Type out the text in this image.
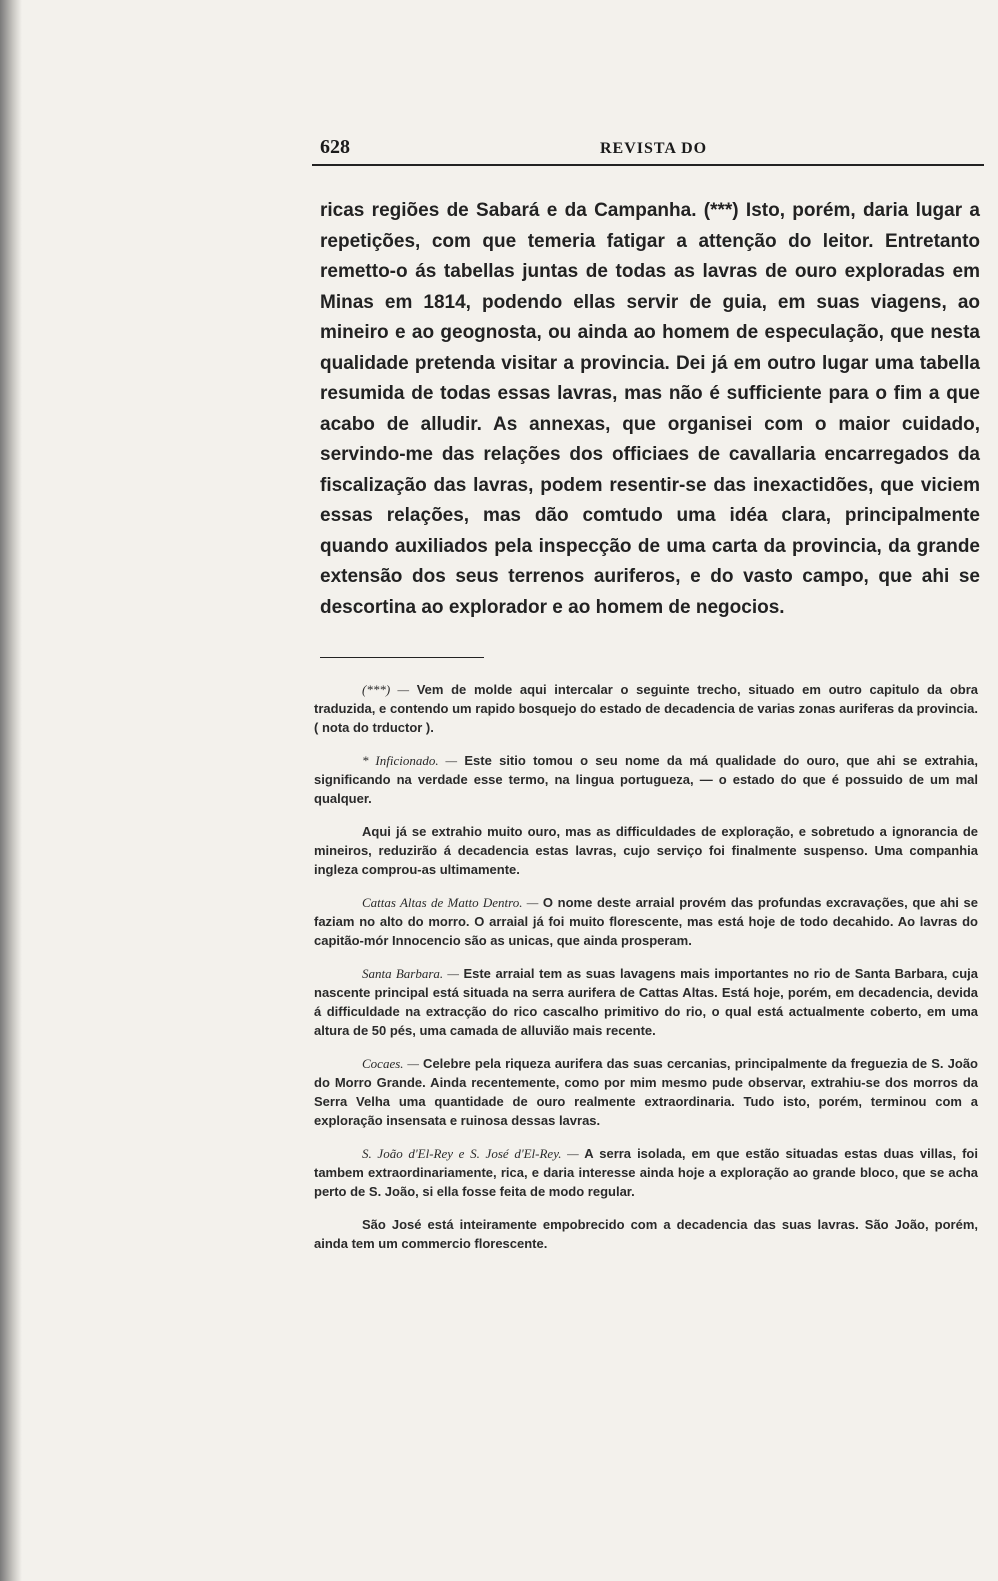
628	REVISTA DO

ricas regiões de Sabará e da Campanha. (***) Isto, porém, daria lugar a repetições, com que temeria fatigar a attenção do leitor. Entretanto remetto-o ás tabellas juntas de todas as lavras de ouro exploradas em Minas em 1814, podendo ellas servir de guia, em suas viagens, ao mineiro e ao geognosta, ou ainda ao homem de especulação, que nesta qualidade pretenda visitar a provincia. Dei já em outro lugar uma tabella resumida de todas essas lavras, mas não é sufficiente para o fim a que acabo de alludir. As annexas, que organisei com o maior cuidado, servindo-me das relações dos officiaes de cavallaria encarregados da fiscalização das lavras, podem resentir-se das inexactidões, que viciem essas relações, mas dão comtudo uma idéa clara, principalmente quando auxiliados pela inspecção de uma carta da provincia, da grande extensão dos seus terrenos auriferos, e do vasto campo, que ahi se descortina ao explorador e ao homem de negocios.

(***) — Vem de molde aqui intercalar o seguinte trecho, situado em outro capitulo da obra traduzida, e contendo um rapido bosquejo do estado de decadencia de varias zonas auriferas da provincia. ( nota do trductor ).

* Inficionado. — Este sitio tomou o seu nome da má qualidade do ouro, que ahi se extrahia, significando na verdade esse termo, na lingua portugueza, — o estado do que é possuido de um mal qualquer.

Aqui já se extrahio muito ouro, mas as difficuldades de exploração, e sobretudo a ignorancia de mineiros, reduzirão á decadencia estas lavras, cujo serviço foi finalmente suspenso. Uma companhia ingleza comprou-as ultimamente.

Cattas Altas de Matto Dentro. — O nome deste arraial provém das profundas excravações, que ahi se faziam no alto do morro. O arraial já foi muito florescente, mas está hoje de todo decahido. Ao lavras do capitão-mór Innocencio são as unicas, que ainda prosperam.

Santa Barbara. — Este arraial tem as suas lavagens mais importantes no rio de Santa Barbara, cuja nascente principal está situada na serra aurifera de Cattas Altas. Está hoje, porém, em decadencia, devida á difficuldade na extracção do rico cascalho primitivo do rio, o qual está actualmente coberto, em uma altura de 50 pés, uma camada de alluvião mais recente.

Cocaes. — Celebre pela riqueza aurifera das suas cercanias, principalmente da freguezia de S. João do Morro Grande. Ainda recentemente, como por mim mesmo pude observar, extrahiu-se dos morros da Serra Velha uma quantidade de ouro realmente extraordinaria. Tudo isto, porém, terminou com a exploração insensata e ruinosa dessas lavras.

S. João d'El-Rey e S. José d'El-Rey. — A serra isolada, em que estão situadas estas duas villas, foi tambem extraordinariamente, rica, e daria interesse ainda hoje a exploração ao grande bloco, que se acha perto de S. João, si ella fosse feita de modo regular.

São José está inteiramente empobrecido com a decadencia das suas lavras. São João, porém, ainda tem um commercio florescente.
